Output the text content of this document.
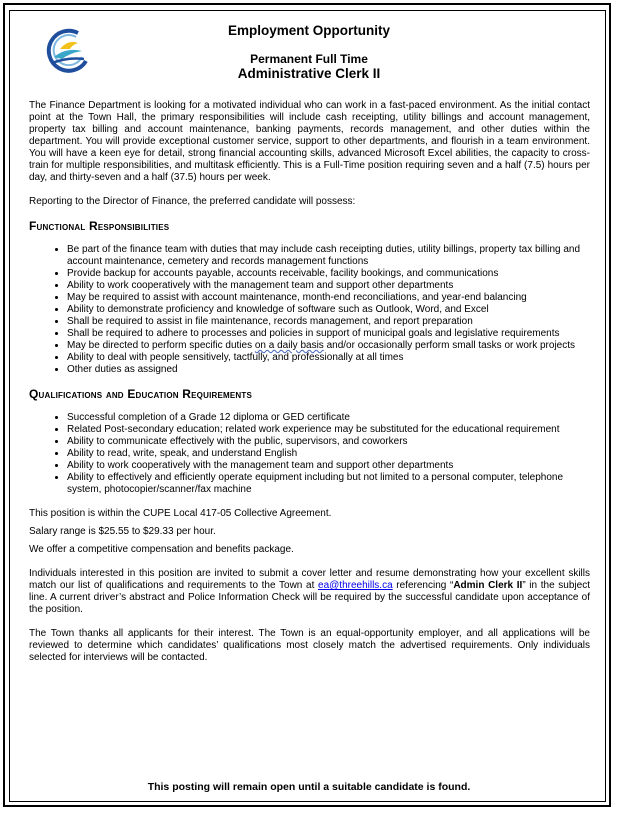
Employment Opportunity
Permanent Full Time
Administrative Clerk II

The Finance Department is looking for a motivated individual who can work in a fast-paced environment. As the initial contact point at the Town Hall, the primary responsibilities will include cash receipting, utility billings and account management, property tax billing and account maintenance, banking payments, records management, and other duties within the department. You will provide exceptional customer service, support to other departments, and flourish in a team environment. You will have a keen eye for detail, strong financial accounting skills, advanced Microsoft Excel abilities, the capacity to cross-train for multiple responsibilities, and multitask efficiently. This is a Full-Time position requiring seven and a half (7.5) hours per day, and thirty-seven and a half (37.5) hours per week.

Reporting to the Director of Finance, the preferred candidate will possess:

Functional Responsibilities
• Be part of the finance team with duties that may include cash receipting duties, utility billings, property tax billing and account maintenance, cemetery and records management functions
• Provide backup for accounts payable, accounts receivable, facility bookings, and communications
• Ability to work cooperatively with the management team and support other departments
• May be required to assist with account maintenance, month-end reconciliations, and year-end balancing
• Ability to demonstrate proficiency and knowledge of software such as Outlook, Word, and Excel
• Shall be required to assist in file maintenance, records management, and report preparation
• Shall be required to adhere to processes and policies in support of municipal goals and legislative requirements
• May be directed to perform specific duties on a daily basis and/or occasionally perform small tasks or work projects
• Ability to deal with people sensitively, tactfully, and professionally at all times
• Other duties as assigned
Qualifications and Education Requirements
• Successful completion of a Grade 12 diploma or GED certificate
• Related Post-secondary education; related work experience may be substituted for the educational requirement
• Ability to communicate effectively with the public, supervisors, and coworkers
• Ability to read, write, speak, and understand English
• Ability to work cooperatively with the management team and support other departments
• Ability to effectively and efficiently operate equipment including but not limited to a personal computer, telephone system, photocopier/scanner/fax machine

This position is within the CUPE Local 417-05 Collective Agreement.

Salary range is $25.55 to $29.33 per hour.

We offer a competitive compensation and benefits package.

Individuals interested in this position are invited to submit a cover letter and resume demonstrating how your excellent skills match our list of qualifications and requirements to the Town at ea@threehills.ca referencing “Admin Clerk II” in the subject line. A current driver’s abstract and Police Information Check will be required by the successful candidate upon acceptance of the position.

The Town thanks all applicants for their interest. The Town is an equal-opportunity employer, and all applications will be reviewed to determine which candidates’ qualifications most closely match the advertised requirements. Only individuals selected for interviews will be contacted.

This posting will remain open until a suitable candidate is found.
